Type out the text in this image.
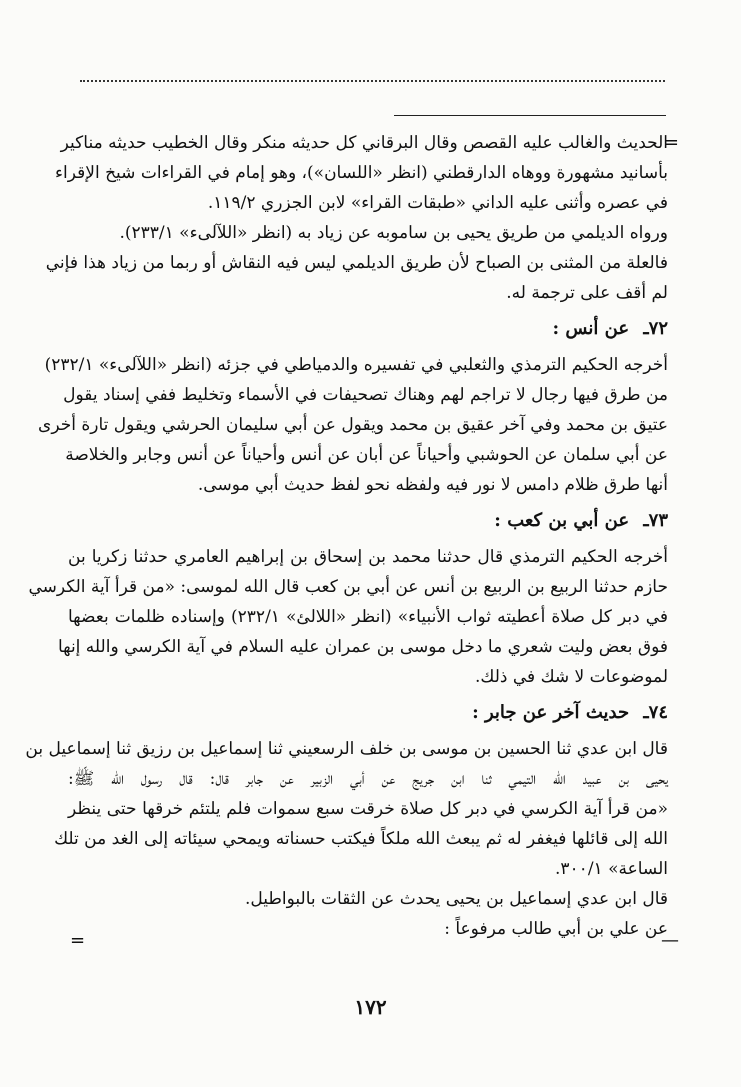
=
الحديث والغالب عليه القصص وقال البرقاني كل حديثه منكر وقال الخطيب حديثه مناكير
بأسانيد مشهورة ووهاه الدارقطني (انظر «اللسان»)، وهو إمام في القراءات شيخ الإقراء
في عصره وأثنى عليه الداني «طبقات القراء» لابن الجزري ١١٩/٢.
ورواه الديلمي من طريق يحيى بن ساموبه عن زياد به (انظر «اللآلىء» ٢٣٣/١).
فالعلة من المثنى بن الصباح لأن طريق الديلمي ليس فيه النقاش أو ربما من زياد هذا فإني
لم أقف على ترجمة له.
٧٢ـ عن أنس :
أخرجه الحكيم الترمذي والثعلبي في تفسيره والدمياطي في جزئه (انظر «اللآلىء» ٢٣٢/١)
من طرق فيها رجال لا تراجم لهم وهناك تصحيفات في الأسماء وتخليط ففي إسناد يقول
عتيق بن محمد وفي آخر عقيق بن محمد ويقول عن أبي سليمان الحرشي ويقول تارة أخرى
عن أبي سلمان عن الحوشبي وأحياناً عن أبان عن أنس وأحياناً عن أنس وجابر والخلاصة
أنها طرق ظلام دامس لا نور فيه ولفظه نحو لفظ حديث أبي موسى.
٧٣ـ عن أبي بن كعب :
أخرجه الحكيم الترمذي قال حدثنا محمد بن إسحاق بن إبراهيم العامري حدثنا زكريا بن
حازم حدثنا الربيع بن الربيع بن أنس عن أبي بن كعب قال الله لموسى: «من قرأ آية الكرسي
في دبر كل صلاة أعطيته ثواب الأنبياء» (انظر «اللالئ» ٢٣٢/١) وإسناده ظلمات بعضها
فوق بعض وليت شعري ما دخل موسى بن عمران عليه السلام في آية الكرسي والله إنها
لموضوعات لا شك في ذلك.
٧٤ـ حديث آخر عن جابر :
قال ابن عدي ثنا الحسين بن موسى بن خلف الرسعيني ثنا إسماعيل بن رزيق ثنا إسماعيل بن
يحيى بن عبيد الله التيمي ثنا ابن جريج عن أبي الزبير عن جابر قال: قال رسول الله ﷺ:
«من قرأ آية الكرسي في دبر كل صلاة خرقت سبع سموات فلم يلتئم خرقها حتى ينظر
الله إلى قائلها فيغفر له ثم يبعث الله ملكاً فيكتب حسناته ويمحي سيئاته إلى الغد من تلك
الساعة» ٣٠٠/١.
قال ابن عدي إسماعيل بن يحيى يحدث عن الثقات بالبواطيل.
عن علي بن أبي طالب مرفوعاً :
—
=
١٧٢
